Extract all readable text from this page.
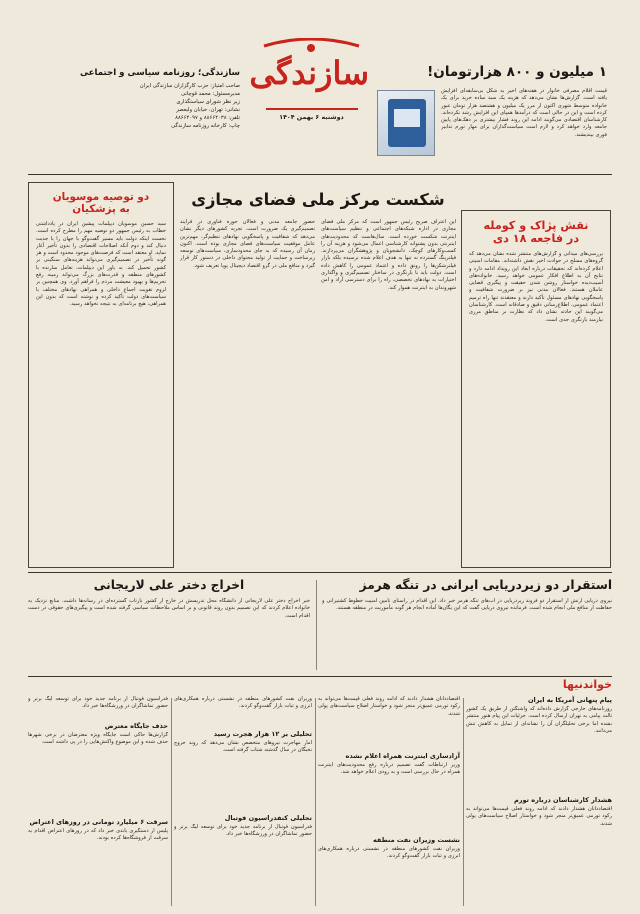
۱ میلیون و ۸۰۰ هزارتومان!
قیمت اقلام مصرفی خانوار در هفته‌های اخیر به شکل بی‌سابقه‌ای افزایش یافته است. گزارش‌ها نشان می‌دهد که هزینه یک سبد ساده خرید برای یک خانواده متوسط شهری اکنون از مرز یک میلیون و هشتصد هزار تومان عبور کرده است و این در حالی است که درآمدها همپای این افزایش رشد نکرده‌اند. کارشناسان اقتصادی می‌گویند ادامه این روند فشار بیشتری بر دهک‌های پایین جامعه وارد خواهد کرد و لازم است سیاست‌گذاران برای مهار تورم تدابیر فوری بیندیشند.
سازندگی
دوشنبه ۶ بهمن ۱۴۰۴
سازندگی؛ روزنامه سیاسی و اجتماعی
صاحب امتیاز: حزب کارگزاران سازندگی ایران
مدیرمسئول: محمد قوچانی
زیر نظر شورای سیاستگذاری
نشانی: تهران، خیابان ولیعصر
تلفن: ۸۸۶۶۴۰۳۸ و ۸۸۶۶۴۰۹۷
چاپ: کارخانه روزنامه سازندگی
نقش پژاک و کومله
در فاجعه ۱۸ دی
بررسی‌های میدانی و گزارش‌های منتشر شده نشان می‌دهد که گروه‌های مسلح در حوادث اخیر نقش داشته‌اند. مقامات امنیتی اعلام کرده‌اند که تحقیقات درباره ابعاد این رویداد ادامه دارد و نتایج آن به اطلاع افکار عمومی خواهد رسید. خانواده‌های آسیب‌دیده خواستار روشن شدن حقیقت و پیگیری قضایی عاملان هستند. فعالان مدنی نیز بر ضرورت شفافیت و پاسخگویی نهادهای مسئول تأکید دارند و معتقدند تنها راه ترمیم اعتماد عمومی، اطلاع‌رسانی دقیق و صادقانه است. کارشناسان می‌گویند این حادثه نشان داد که نظارت بر مناطق مرزی نیازمند بازنگری جدی است.
شکست مرکز ملی فضای مجازی
این اعتراف صریح رئیس جمهور است که مرکز ملی فضای مجازی در اداره شبکه‌های اجتماعی و تنظیم سیاست‌های اینترنت شکست خورده است. سال‌هاست که محدودیت‌های اینترنتی بدون پشتوانه کارشناسی اعمال می‌شود و هزینه آن را کسب‌وکارهای کوچک، دانشجویان و پژوهشگران می‌پردازند. فیلترینگ گسترده نه تنها به هدف اعلام شده نرسیده بلکه بازار فیلترشکن‌ها را رونق داده و اعتماد عمومی را کاهش داده است. دولت باید با بازنگری در ساختار تصمیم‌گیری و واگذاری اختیارات به نهادهای تخصصی، راه را برای دسترسی آزاد و امن شهروندان به اینترنت هموار کند.
حضور جامعه مدنی و فعالان حوزه فناوری در فرایند تصمیم‌گیری یک ضرورت است. تجربه کشورهای دیگر نشان می‌دهد که شفافیت و پاسخگویی نهادهای تنظیم‌گر، مهم‌ترین عامل موفقیت سیاست‌های فضای مجازی بوده است. اکنون زمان آن رسیده که به جای محدودسازی، سیاست‌های توسعه زیرساخت و حمایت از تولید محتوای داخلی در دستور کار قرار گیرد و منافع ملی در گرو اقتصاد دیجیتال پویا تعریف شود.
دو توصیه موسویان
به پزشکیان
سید حسین موسویان دیپلمات پیشین ایران در یادداشتی خطاب به رئیس جمهور دو توصیه مهم را مطرح کرده است. نخست اینکه دولت باید مسیر گفت‌وگو با جهان را با جدیت دنبال کند و دوم آنکه اصلاحات اقتصادی را بدون تأخیر آغاز نماید. او معتقد است که فرصت‌های موجود محدود است و هر گونه تأخیر در تصمیم‌گیری می‌تواند هزینه‌های سنگینی بر کشور تحمیل کند. به باور این دیپلمات، تعامل سازنده با کشورهای منطقه و قدرت‌های بزرگ می‌تواند زمینه رفع تحریم‌ها و بهبود معیشت مردم را فراهم آورد. وی همچنین بر لزوم تقویت اجماع داخلی و همراهی نهادهای مختلف با سیاست‌های دولت تأکید کرده و نوشته است که بدون این همراهی، هیچ برنامه‌ای به نتیجه نخواهد رسید.
استقرار دو زیردریایی ایرانی در تنگه هرمز
نیروی دریایی ارتش از استقرار دو فروند زیردریایی در آب‌های تنگه هرمز خبر داد. این اقدام در راستای تأمین امنیت خطوط کشتیرانی و حفاظت از منافع ملی انجام شده است. فرمانده نیروی دریایی گفت که این یگان‌ها آماده انجام هر گونه مأموریت در منطقه هستند.
اخراج دختر علی لاریجانی
خبر اخراج دختر علی لاریجانی از دانشگاه محل تدریسش در خارج از کشور بازتاب گسترده‌ای در رسانه‌ها داشت. منابع نزدیک به خانواده اعلام کردند که این تصمیم بدون روند قانونی و بر اساس ملاحظات سیاسی گرفته شده است و پیگیری‌های حقوقی در دست اقدام است.
خواندنیها
پیام پنهانی آمریکا به ایران
روزنامه‌های خارجی گزارش داده‌اند که واشنگتن از طریق یک کشور ثالث پیامی به تهران ارسال کرده است. جزئیات این پیام هنوز منتشر نشده اما برخی تحلیلگران آن را نشانه‌ای از تمایل به کاهش تنش می‌دانند.
هشدار کارشناسان درباره تورم
اقتصاددانان هشدار دادند که ادامه روند فعلی قیمت‌ها می‌تواند به رکود تورمی عمیق‌تر منجر شود و خواستار اصلاح سیاست‌های پولی شدند.
اقتصاددانان هشدار دادند که ادامه روند فعلی قیمت‌ها می‌تواند به رکود تورمی عمیق‌تر منجر شود و خواستار اصلاح سیاست‌های پولی شدند.
آزادسازی اینترنت همراه اعلام نشده
وزیر ارتباطات گفت تصمیم درباره رفع محدودیت‌های اینترنت همراه در حال بررسی است و به زودی اعلام خواهد شد.
نشست وزیران نفت منطقه
وزیران نفت کشورهای منطقه در نشستی درباره همکاری‌های انرژی و ثبات بازار گفت‌وگو کردند.
وزیران نفت کشورهای منطقه در نشستی درباره همکاری‌های انرژی و ثبات بازار گفت‌وگو کردند.
تحلیلی بر ۱۲ هزار هجرت رسید
آمار مهاجرت نیروهای متخصص نشان می‌دهد که روند خروج نخبگان در سال گذشته شتاب گرفته است.
تحلیلی کنفدراسیون فوتبال
فدراسیون فوتبال از برنامه جدید خود برای توسعه لیگ برتر و حضور تماشاگران در ورزشگاه‌ها خبر داد.
فدراسیون فوتبال از برنامه جدید خود برای توسعه لیگ برتر و حضور تماشاگران در ورزشگاه‌ها خبر داد.
حذف جایگاه معترض
گزارش‌ها حاکی است جایگاه ویژه معترضان در برخی شهرها حذف شده و این موضوع واکنش‌هایی را در پی داشته است.
سرقت ۶ میلیارد تومانی در روزهای اعتراض
پلیس از دستگیری باندی خبر داد که در روزهای اعتراض اقدام به سرقت از فروشگاه‌ها کرده بودند.
